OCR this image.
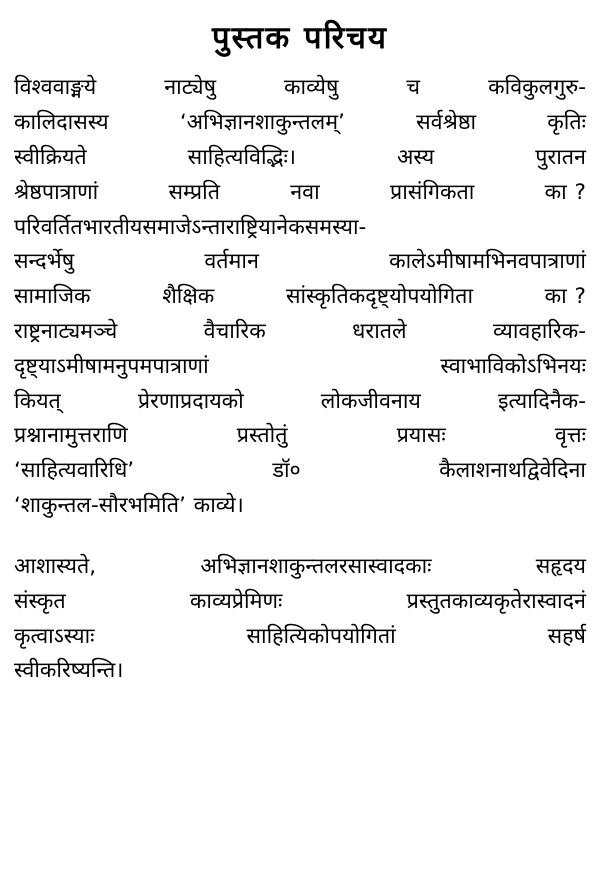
पुस्तक परिचय
विश्ववाङ्मये	नाट्येषु	काव्येषु	च	कविकुलगुरु-
कालिदासस्य	‘अभिज्ञानशाकुन्तलम्’	सर्वश्रेष्ठा	कृतिः
स्वीक्रियते	साहित्यविद्भिः।	अस्य	पुरातन
श्रेष्ठपात्राणां	सम्प्रति	नवा	प्रासंगिकता	का ?
परिवर्तितभारतीयसमाजेऽन्ताराष्ट्रियानेकसमस्या-
सन्दर्भेषु	वर्तमान	कालेऽमीषामभिनवपात्राणां
सामाजिक	शैक्षिक	सांस्कृतिकदृष्ट्योपयोगिता	का ?
राष्ट्रनाट्यमञ्चे	वैचारिक	धरातले	व्यावहारिक-
दृष्ट्याऽमीषामनुपमपात्राणां	स्वाभाविकोऽभिनयः
कियत्	प्रेरणाप्रदायको	लोकजीवनाय	इत्यादिनैक-
प्रश्नानामुत्तराणि	प्रस्तोतुं	प्रयासः	वृत्तः
‘साहित्यवारिधि’	डॉ०	कैलाशनाथद्विवेदिना
‘शाकुन्तल-सौरभमिति’ काव्ये।
आशास्यते,	अभिज्ञानशाकुन्तलरसास्वादकाः	सहृदय
संस्कृत	काव्यप्रेमिणः	प्रस्तुतकाव्यकृतेरास्वादनं
कृत्वाऽस्याः	साहित्यिकोपयोगितां	सहर्ष
स्वीकरिष्यन्ति।
